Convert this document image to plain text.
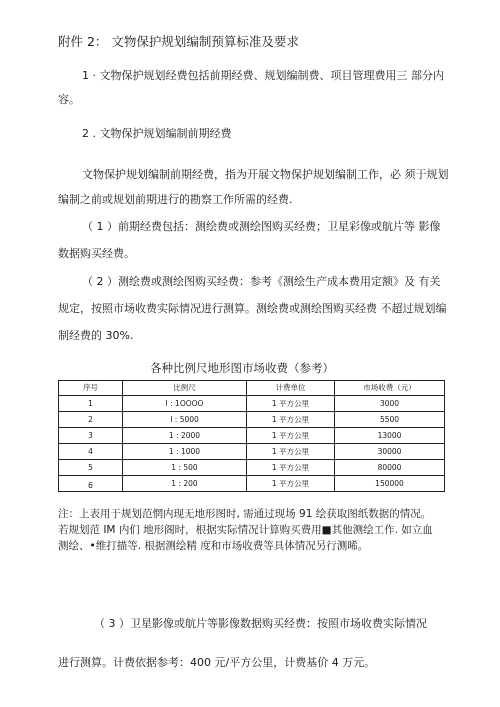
附件 2： 文物保护规划编制预算标准及要求
1 · 文物保护规划经费包括前期经费、规划编制费、项目管理费用三 部分内
容。
2 . 文物保护规划编制前期经费
文物保护规划编制前期经费，指为开展文物保护规划编制工作，必 须于规划
编制之前或规划前期进行的勘察工作所需的经费.
（ 1 ）前期经费包括：测绘费或测绘图购买经费；卫星彩像或航片等 影像
数据购买经费。
（ 2 ）测绘费或测绘图购买经费：参考《测绘生产成本费用定额》及 有关
规定，按照市场收费实际情况进行测算。测绘费或测绘图购买经费 不超过规划编
制经费的 30%.
各种比例尺地形图市场收费（参考）
序号	比例尺	计费单位	市场收费（元）
1	I : 1OOOO	1 平方公里	3000
2	I : 5000	1 平方公里	5500
3	1 : 2000	1 平方公里	13000
4	1 : 1000	1 平方公里	30000
5	1 : 500	1 平方公里	80000
6	1 : 200	1 平方公里	150000
注：上表用于规划范惘内现无地形图时, 需通过现场 91 绘获取图纸数据的情况。
若规划范 IM 内们 地形阁时，根据实际情况计算购买费用■其他测绘工作. 如立血
测绘、•维打描等. 根据测绘精 度和市场收费等具体情况另行测晞。
（ 3 ）卫星影像或航片等影像数据购买经费：按照市场收费实际情况
进行测算。计费依据参考：400 元/平方公里，计费基价 4 万元。
